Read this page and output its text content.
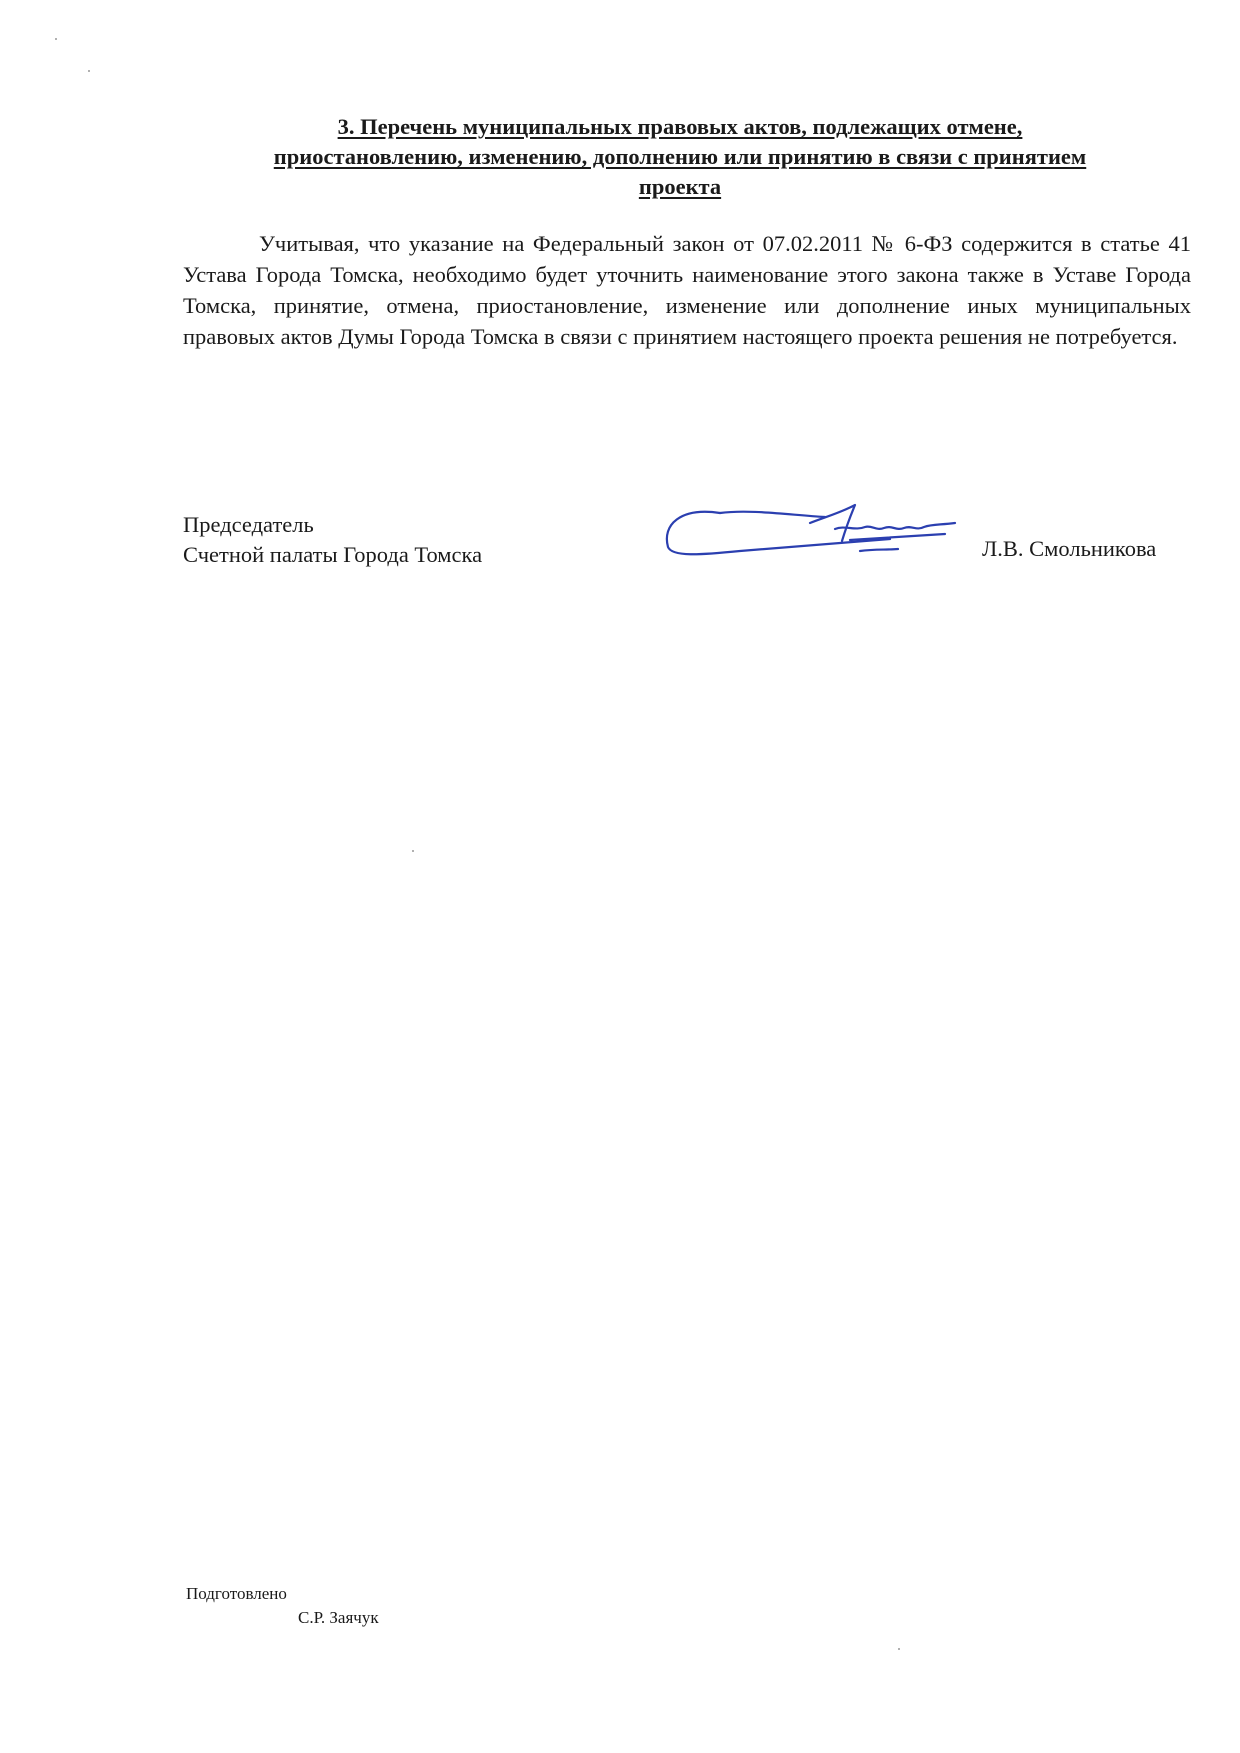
3. Перечень муниципальных правовых актов, подлежащих отмене,
приостановлению, изменению, дополнению или принятию в связи с принятием
проекта

Учитывая, что указание на Федеральный закон от 07.02.2011 № 6-ФЗ содержится в статье 41 Устава Города Томска, необходимо будет уточнить наименование этого закона также в Уставе Города Томска, принятие, отмена, приостановление, изменение или дополнение иных муниципальных правовых актов Думы Города Томска в связи с принятием настоящего проекта решения не потребуется.

Председатель
Счетной палаты Города Томска	Л.В. Смольникова
Подготовлено
С.Р. Заячук
